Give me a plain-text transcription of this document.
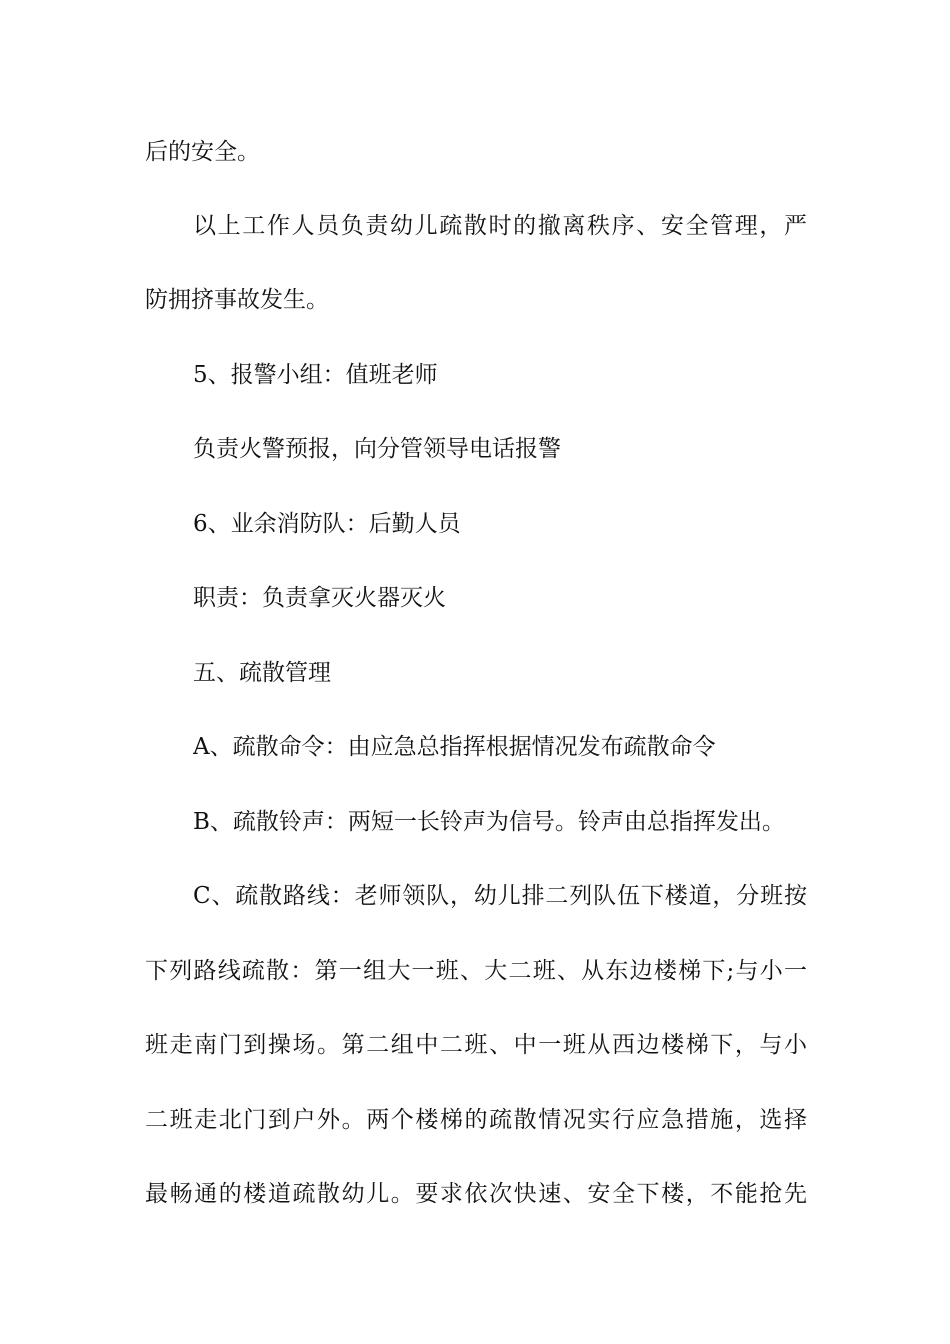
后的安全。
以上工作人员负责幼儿疏散时的撤离秩序、安全管理，严
防拥挤事故发生。
5、报警小组：值班老师
负责火警预报，向分管领导电话报警
6、业余消防队：后勤人员
职责：负责拿灭火器灭火
五、疏散管理
A、疏散命令：由应急总指挥根据情况发布疏散命令
B、疏散铃声：两短一长铃声为信号。铃声由总指挥发出。
C、疏散路线：老师领队，幼儿排二列队伍下楼道，分班按
下列路线疏散：第一组大一班、大二班、从东边楼梯下;与小一
班走南门到操场。第二组中二班、中一班从西边楼梯下，与小
二班走北门到户外。两个楼梯的疏散情况实行应急措施，选择
最畅通的楼道疏散幼儿。要求依次快速、安全下楼，不能抢先
